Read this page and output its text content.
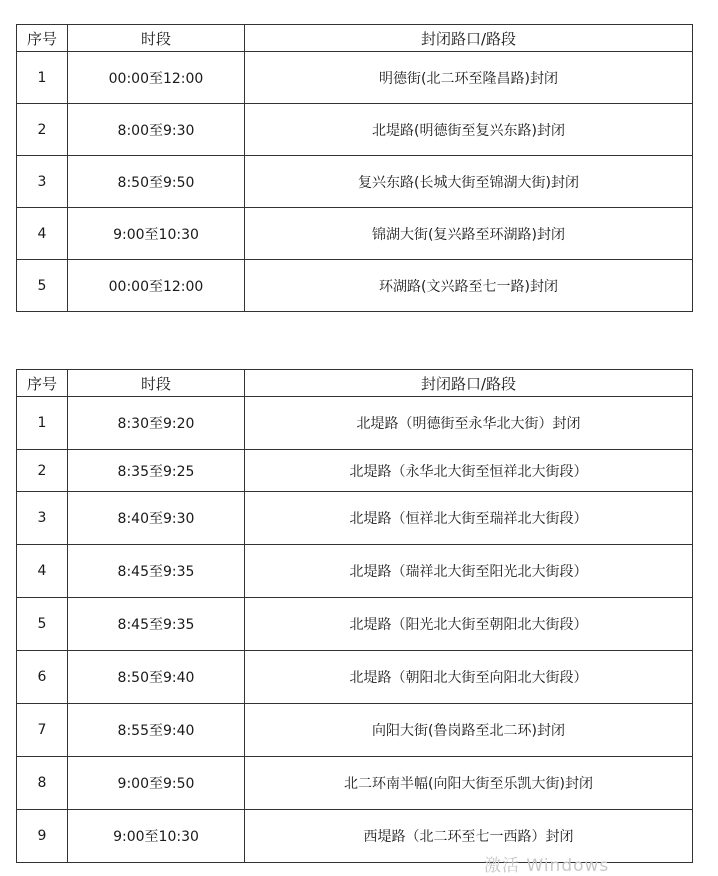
序号	时段	封闭路口/路段
1	00:00至12:00	明德街(北二环至隆昌路)封闭
2	8:00至9:30	北堤路(明德街至复兴东路)封闭
3	8:50至9:50	复兴东路(长城大街至锦湖大街)封闭
4	9:00至10:30	锦湖大街(复兴路至环湖路)封闭
5	00:00至12:00	环湖路(文兴路至七一路)封闭
序号	时段	封闭路口/路段
1	8:30至9:20	北堤路（明德街至永华北大街）封闭
2	8:35至9:25	北堤路（永华北大街至恒祥北大街段）
3	8:40至9:30	北堤路（恒祥北大街至瑞祥北大街段）
4	8:45至9:35	北堤路（瑞祥北大街至阳光北大街段）
5	8:45至9:35	北堤路（阳光北大街至朝阳北大街段）
6	8:50至9:40	北堤路（朝阳北大街至向阳北大街段）
7	8:55至9:40	向阳大街(鲁岗路至北二环)封闭
8	9:00至9:50	北二环南半幅(向阳大街至乐凯大街)封闭
9	9:00至10:30	西堤路（北二环至七一西路）封闭
激活 Windows
